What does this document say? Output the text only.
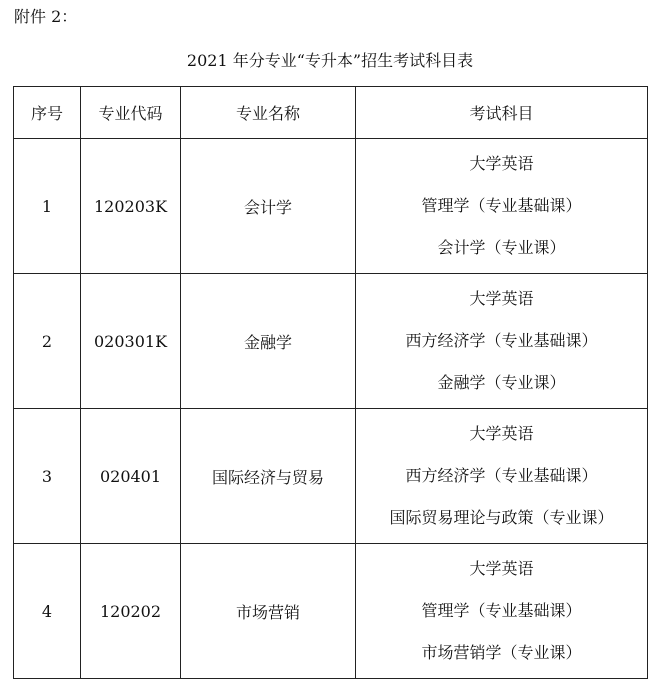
附件 2：
2021 年分专业“专升本”招生考试科目表
序号	专业代码	专业名称	考试科目
1	120203K	会计学	大学英语
管理学（专业基础课）
会计学（专业课）

2	020301K	金融学	大学英语
西方经济学（专业基础课）
金融学（专业课）

3	020401	国际经济与贸易	大学英语
西方经济学（专业基础课）
国际贸易理论与政策（专业课）

4	120202	市场营销	大学英语
管理学（专业基础课）
市场营销学（专业课）
